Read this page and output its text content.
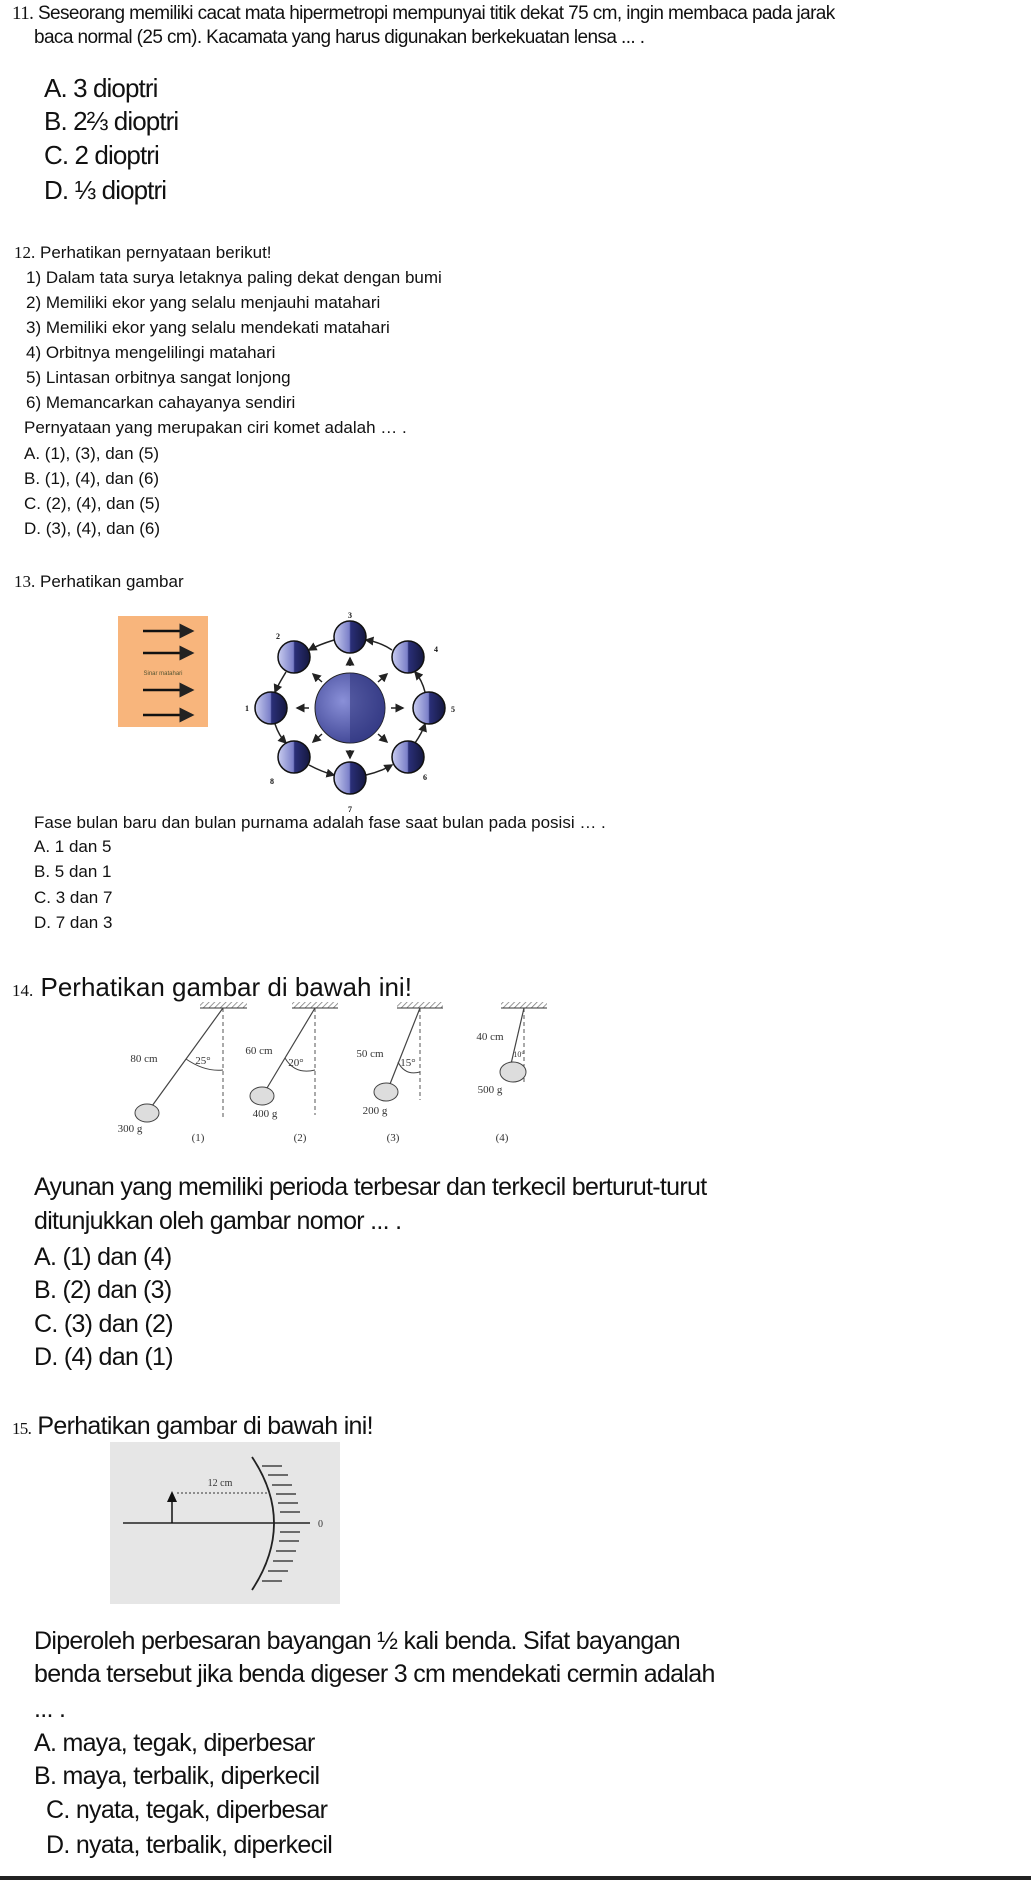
11. Seseorang memiliki cacat mata hipermetropi mempunyai titik dekat 75 cm, ingin membaca pada jarak
baca normal (25 cm). Kacamata yang harus digunakan berkekuatan lensa ... .
A. 3 dioptri
B. 2⅔ dioptri
C. 2 dioptri
D. ⅓ dioptri
12. Perhatikan pernyataan berikut!
1) Dalam tata surya letaknya paling dekat dengan bumi
2) Memiliki ekor yang selalu menjauhi matahari
3) Memiliki ekor yang selalu mendekati matahari
4) Orbitnya mengelilingi matahari
5) Lintasan orbitnya sangat lonjong
6) Memancarkan cahayanya sendiri
Pernyataan yang merupakan ciri komet adalah … .
A. (1), (3), dan (5)
B. (1), (4), dan (6)
C. (2), (4), dan (5)
D. (3), (4), dan (6)
13. Perhatikan gambar
Sinar matahari
1
2
3
4
5
6
7
8
Fase bulan baru dan bulan purnama adalah fase saat bulan pada posisi … .
A. 1 dan 5
B. 5 dan 1
C. 3 dan 7
D. 7 dan 3
14. Perhatikan gambar di bawah ini!
80 cm	25°
300 g
(1)
60 cm
20°
400 g
(2)
50 cm
15°
200 g
(3)
40 cm
10°
500 g
(4)
Ayunan yang memiliki perioda terbesar dan terkecil berturut-turut
ditunjukkan oleh gambar nomor ... .
A. (1) dan (4)
B. (2) dan (3)
C. (3) dan (2)
D. (4) dan (1)
15. Perhatikan gambar di bawah ini!
12 cm
0
Diperoleh perbesaran bayangan ½ kali benda. Sifat bayangan
benda tersebut jika benda digeser 3 cm mendekati cermin adalah
... .
A. maya, tegak, diperbesar
B. maya, terbalik, diperkecil
C. nyata, tegak, diperbesar
D. nyata, terbalik, diperkecil
